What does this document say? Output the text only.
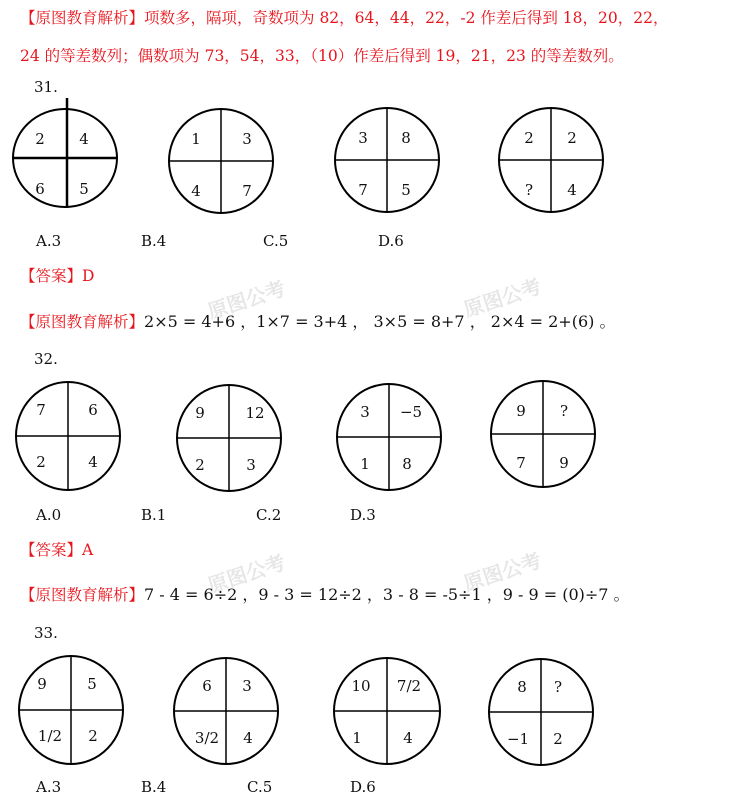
【原图教育解析】项数多，隔项，奇数项为 82，64，44，22，-2 作差后得到 18，20，22，
24 的等差数列；偶数项为 73，54，33，（10）作差后得到 19，21，23 的等差数列。
31.
2	4
6	5
1	3
4	7
3	8
7	5
2	2
?	4
A.3	B.4	C.5	D.6
【答案】D
原图公考	原图公考
【原图教育解析】2×5 = 4+6 ，1×7 = 3+4 ， 3×5 = 8+7 ， 2×4 = 2+(6) 。
32.
7	6
2	4
9	12
2	3
3	−5
1	8
9	?
7	9
A.0	B.1	C.2	D.3
【答案】A
原图公考	原图公考
【原图教育解析】7 - 4 = 6÷2 ，9 - 3 = 12÷2 ，3 - 8 = -5÷1 ，9 - 9 = (0)÷7 。
33.
9	5
1/2	2
6	3
3/2	4
10	7/2
1	4
8	?
−1	2
A.3	B.4	C.5	D.6
